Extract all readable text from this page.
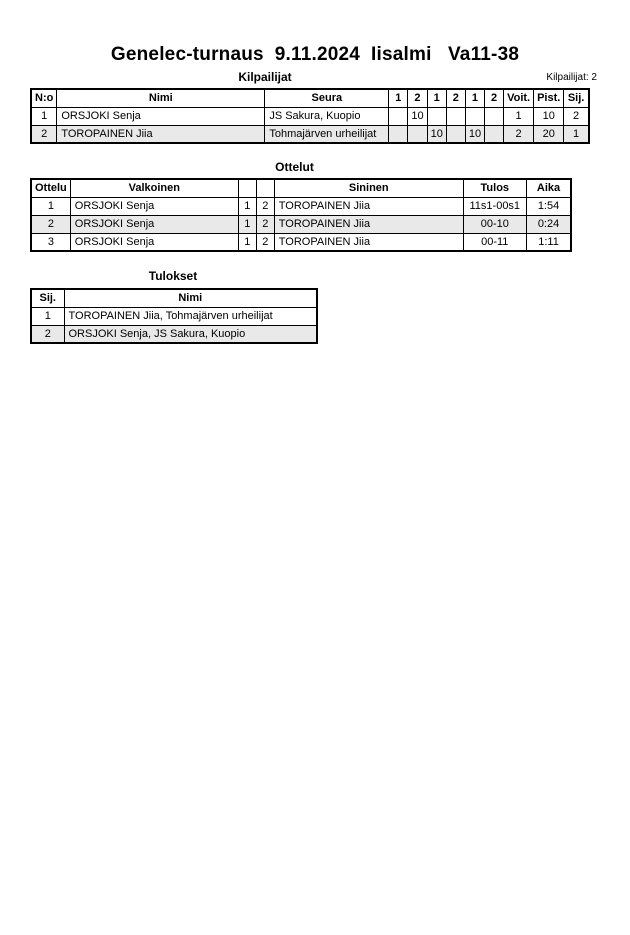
Genelec-turnaus  9.11.2024  Iisalmi   Va11-38
Kilpailijat	Kilpailijat: 2
N:o	Nimi	Seura	1	2	1	2	1	2	Voit.	Pist.	Sij.
1	ORSJOKI Senja	JS Sakura, Kuopio		10					1	10	2
2	TOROPAINEN Jiia	Tohmajärven urheilijat			10		10		2	20	1
Ottelut
Ottelu	Valkoinen			Sininen	Tulos	Aika
1	ORSJOKI Senja	1	2	TOROPAINEN Jiia	11s1-00s1	1:54
2	ORSJOKI Senja	1	2	TOROPAINEN Jiia	00-10	0:24
3	ORSJOKI Senja	1	2	TOROPAINEN Jiia	00-11	1:11
Tulokset
Sij.	Nimi
1	TOROPAINEN Jiia, Tohmajärven urheilijat
2	ORSJOKI Senja, JS Sakura, Kuopio
